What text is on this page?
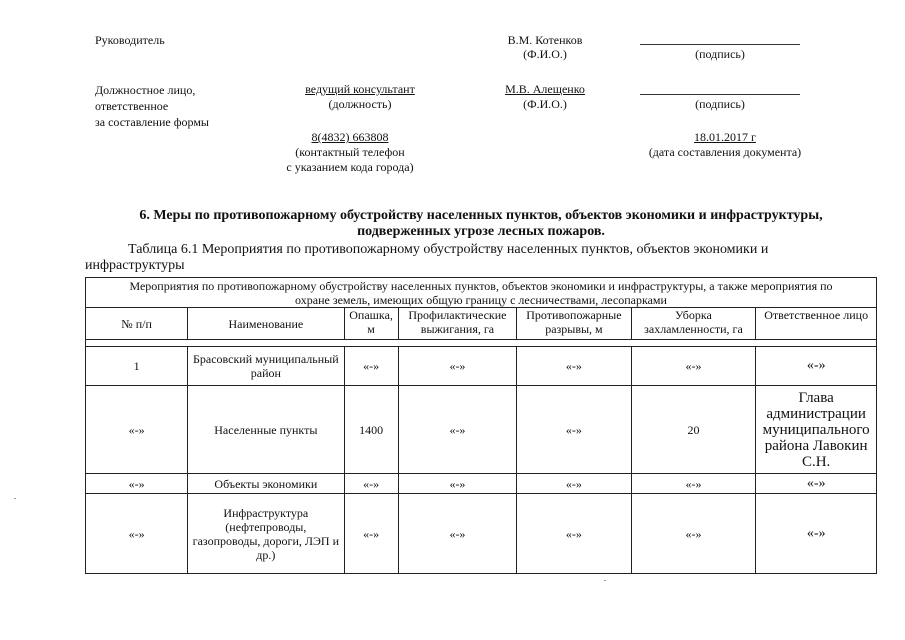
Руководитель	В.М. Котенков
(Ф.И.О.)	(подпись)
Должностное лицо,
ответственное
за составление формы
ведущий консультант
(должность)
М.В. Алещенко
(Ф.И.О.)	(подпись)
8(4832) 663808
(контактный телефон
с указанием кода города)
18.01.2017 г
(дата составления документа)
6. Меры по противопожарному обустройству населенных пунктов, объектов экономики и инфраструктуры,
подверженных угрозе лесных пожаров.
Таблица 6.1 Мероприятия по противопожарному обустройству населенных пунктов, объектов экономики и
инфраструктуры
Мероприятия по противопожарному обустройству населенных пунктов, объектов экономики и инфраструктуры, а также мероприятия по
охране земель, имеющих общую границу с лесничествами, лесопарками						

№ п/п	Наименование	Опашка, м	Профилактические выжигания, га	Противопожарные разрывы, м	Уборка захламленности, га	Ответственное лицо

1	Брасовский муниципальный район	«-»	«-»	«-»	«-»	«-»
«-»	Населенные пункты	1400	«-»	«-»	20	Глава администрации муниципального района Лавокин С.Н.
«-»	Объекты экономики	«-»	«-»	«-»	«-»	«-»
«-»	Инфраструктура (нефтепроводы, газопроводы, дороги, ЛЭП и др.)	«-»	«-»	«-»	«-»	«-»
